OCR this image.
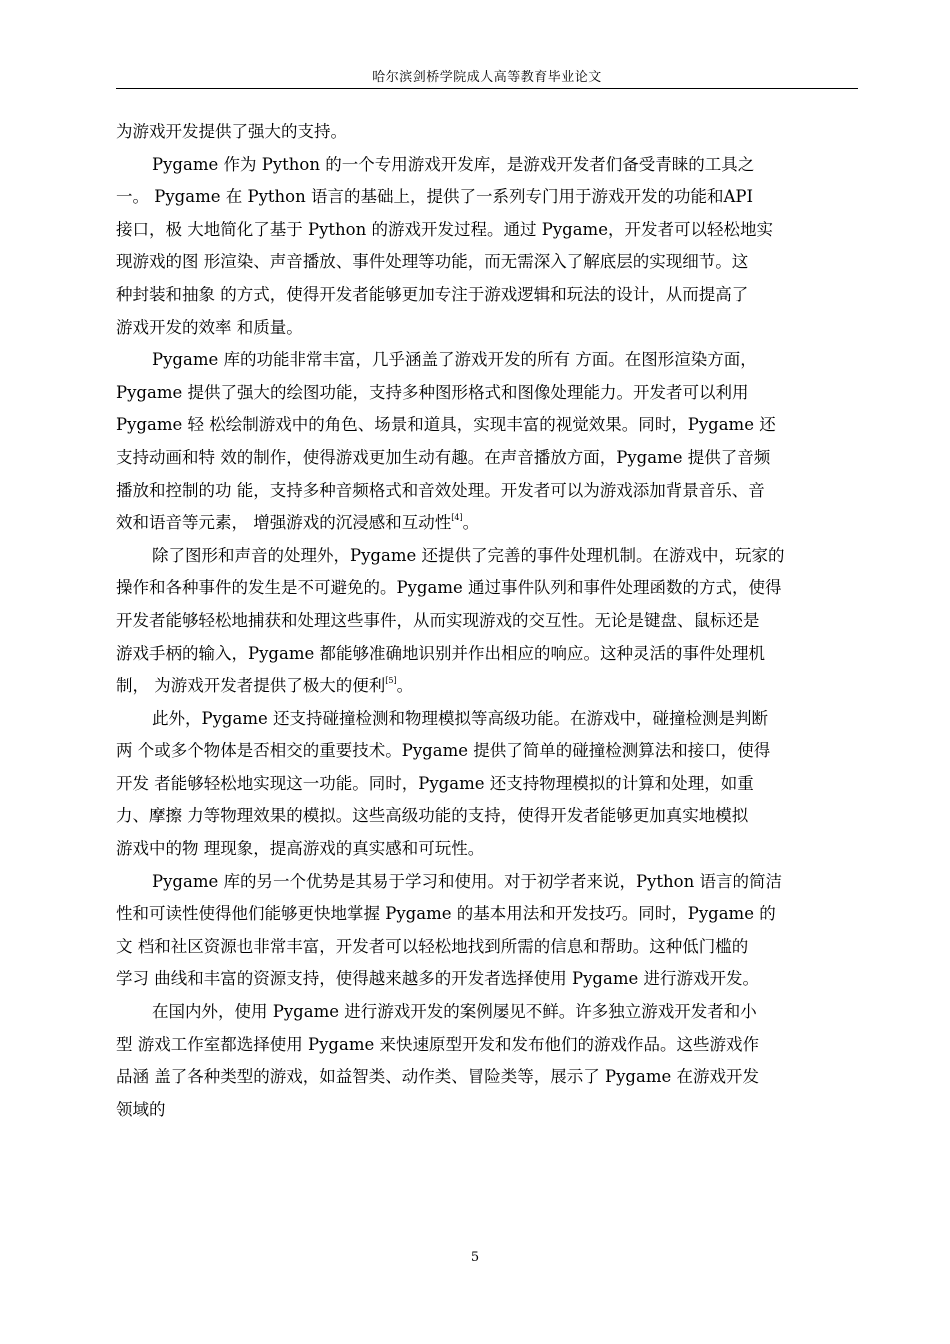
哈尔滨剑桥学院成人高等教育毕业论文
为游戏开发提供了强大的支持。
Pygame 作为 Python 的一个专用游戏开发库，是游戏开发者们备受青睐的工具之
一。 Pygame 在 Python 语言的基础上，提供了一系列专门用于游戏开发的功能和API
接口，极 大地简化了基于 Python 的游戏开发过程。通过 Pygame，开发者可以轻松地实
现游戏的图 形渲染、声音播放、事件处理等功能，而无需深入了解底层的实现细节。这
种封装和抽象 的方式，使得开发者能够更加专注于游戏逻辑和玩法的设计，从而提高了
游戏开发的效率 和质量。
Pygame 库的功能非常丰富，几乎涵盖了游戏开发的所有 方面。在图形渲染方面，
Pygame 提供了强大的绘图功能，支持多种图形格式和图像处理能力。开发者可以利用
Pygame 轻 松绘制游戏中的角色、场景和道具，实现丰富的视觉效果。同时，Pygame 还
支持动画和特 效的制作，使得游戏更加生动有趣。在声音播放方面，Pygame 提供了音频
播放和控制的功 能，支持多种音频格式和音效处理。开发者可以为游戏添加背景音乐、音
效和语音等元素， 增强游戏的沉浸感和互动性[4]。
除了图形和声音的处理外，Pygame 还提供了完善的事件处理机制。在游戏中，玩家的
操作和各种事件的发生是不可避免的。Pygame 通过事件队列和事件处理函数的方式，使得
开发者能够轻松地捕获和处理这些事件，从而实现游戏的交互性。无论是键盘、鼠标还是
游戏手柄的输入，Pygame 都能够准确地识别并作出相应的响应。这种灵活的事件处理机
制， 为游戏开发者提供了极大的便利[5]。
此外，Pygame 还支持碰撞检测和物理模拟等高级功能。在游戏中，碰撞检测是判断
两 个或多个物体是否相交的重要技术。Pygame 提供了简单的碰撞检测算法和接口，使得
开发 者能够轻松地实现这一功能。同时，Pygame 还支持物理模拟的计算和处理，如重
力、摩擦 力等物理效果的模拟。这些高级功能的支持，使得开发者能够更加真实地模拟
游戏中的物 理现象，提高游戏的真实感和可玩性。
Pygame 库的另一个优势是其易于学习和使用。对于初学者来说，Python 语言的简洁
性和可读性使得他们能够更快地掌握 Pygame 的基本用法和开发技巧。同时，Pygame 的
文 档和社区资源也非常丰富，开发者可以轻松地找到所需的信息和帮助。这种低门槛的
学习 曲线和丰富的资源支持，使得越来越多的开发者选择使用 Pygame 进行游戏开发。
在国内外，使用 Pygame 进行游戏开发的案例屡见不鲜。许多独立游戏开发者和小
型 游戏工作室都选择使用 Pygame 来快速原型开发和发布他们的游戏作品。这些游戏作
品涵 盖了各种类型的游戏，如益智类、动作类、冒险类等，展示了 Pygame 在游戏开发
领域的
5
